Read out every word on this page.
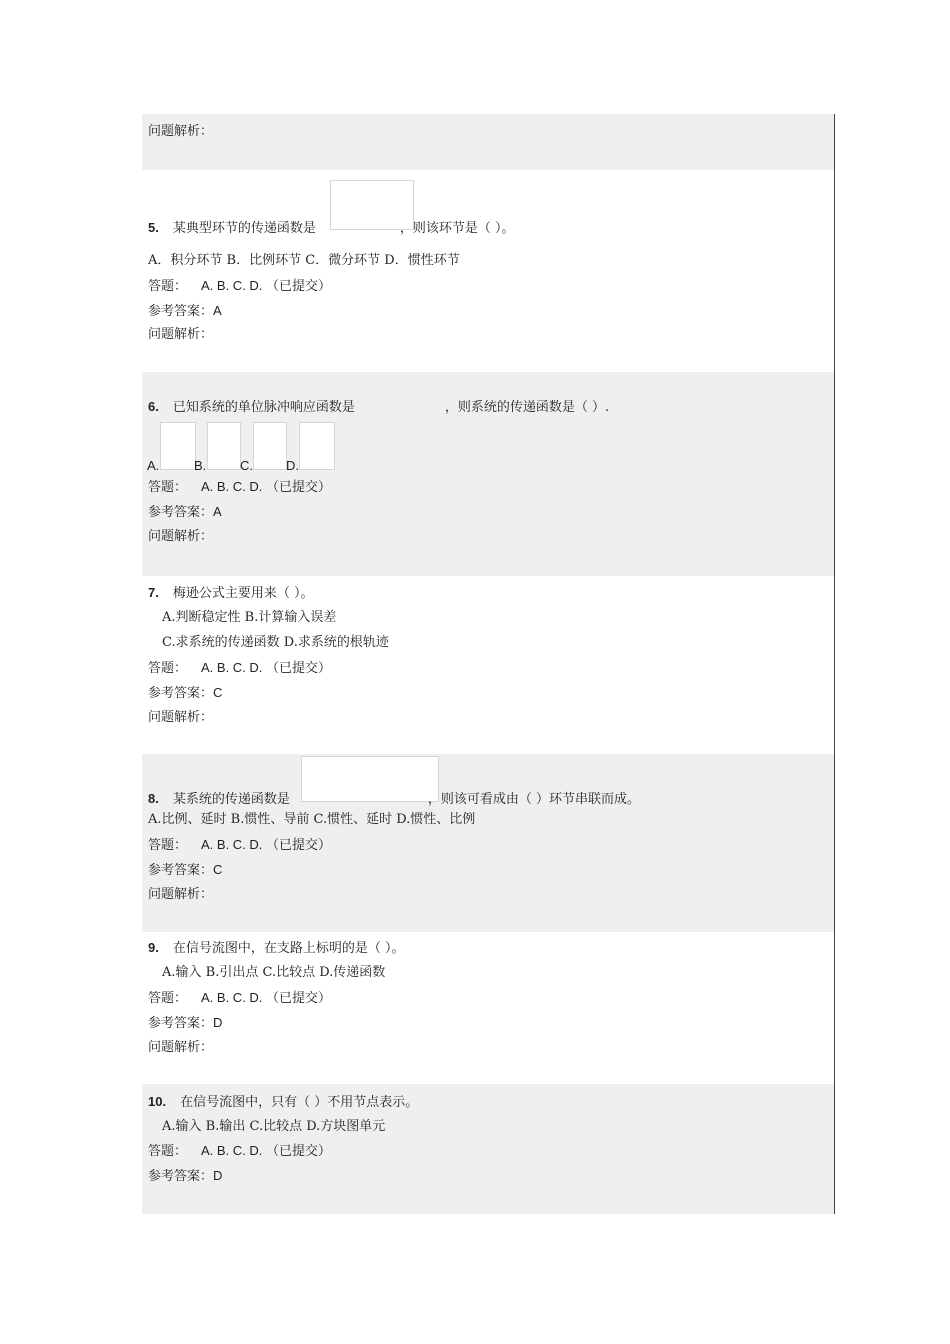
问题解析：
5. 某典型环节的传递函数是	，则该环节是（ ）。
A．积分环节 B．比例环节 C．微分环节 D．惯性环节
答题： A. B. C. D. （已提交）
参考答案：A
问题解析：
6. 已知系统的单位脉冲响应函数是	，则系统的传递函数是（ ）.
A.	B.	C.	D.
答题： A. B. C. D. （已提交）
参考答案：A
问题解析：
7. 梅逊公式主要用来（ ）。
A.判断稳定性 B.计算输入误差
C.求系统的传递函数 D.求系统的根轨迹
答题： A. B. C. D. （已提交）
参考答案：C
问题解析：
8. 某系统的传递函数是	，则该可看成由（ ）环节串联而成。
A.比例、延时 B.惯性、导前 C.惯性、延时 D.惯性、比例
答题： A. B. C. D. （已提交）
参考答案：C
问题解析：
9. 在信号流图中，在支路上标明的是（ ）。
A.输入 B.引出点 C.比较点 D.传递函数
答题： A. B. C. D. （已提交）
参考答案：D
问题解析：
10. 在信号流图中，只有（ ）不用节点表示。
A.输入 B.输出 C.比较点 D.方块图单元
答题： A. B. C. D. （已提交）
参考答案：D
